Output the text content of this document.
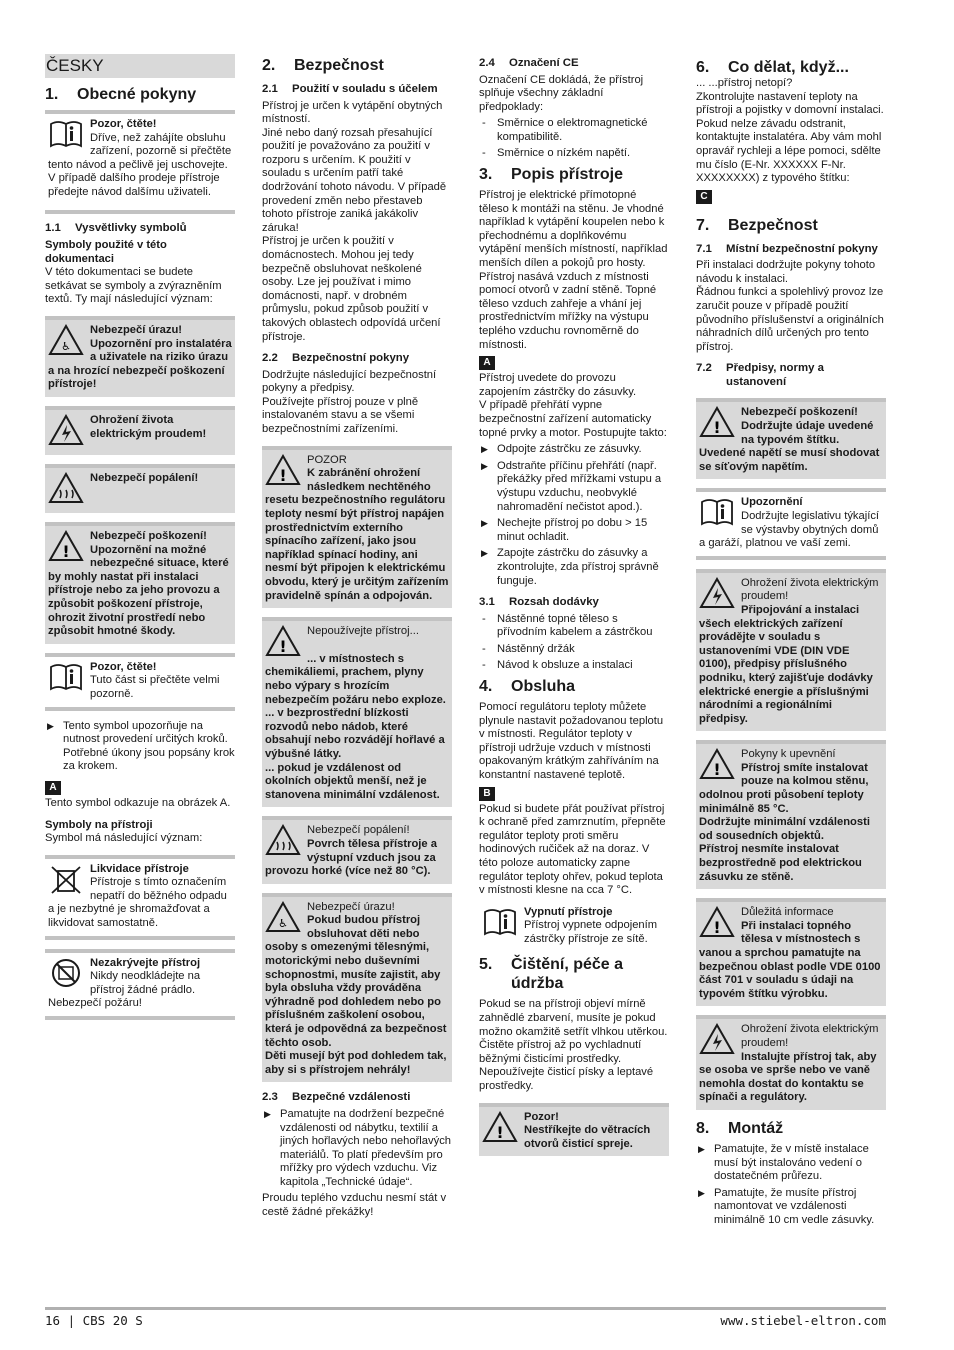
ČESKY
1.	Obecné pokyny
Pozor, čtěte!
Dříve, než zahájíte obsluhu zařízení, pozorně si přečtěte tento návod a pečlivě jej uschovejte. V případě dalšího prodeje přístroje předejte návod dalšímu uživateli.
1.1	Vysvětlivky symbolů
Symboly použité v této dokumentaci

V této dokumentaci se budete setkávat se symboly a zvýrazněním textů. Ty mají následující význam:

♿
Nebezpečí úrazu!
Upozornění pro instalatéra a uživatele na riziko úrazu a na hrozící nebezpečí poškození přístroje!
Ohrožení života elektrickým proudem!
Nebezpečí popálení!
!
Nebezpečí poškození!
Upozornění na možné nebezpečné situace, které by mohly nastat při instalaci přístroje nebo za jeho provozu a způsobit poškození přístroje, ohrozit životní prostředí nebo způsobit hmotné škody.
Pozor, čtěte!
Tuto část si přečtěte velmi pozorně.
▶ Tento symbol upozorňuje na nutnost provedení určitých kroků. Potřebné úkony jsou popsány krok za krokem.
A

Tento symbol odkazuje na obrázek A.

Symboly na přístroji

Symbol má následující význam:

Likvidace přístroje
Přístroje s tímto označením nepatří do běžného odpadu a je nezbytné je shromažďovat a likvidovat samostatně.
Nezakrývejte přístroj
Nikdy neodkládejte na přístroj žádné prádlo. Nebezpečí požáru!
2.	Bezpečnost
2.1	Použití v souladu s účelem

Přístroj je určen k vytápění obytných místností.

Jiné nebo daný rozsah přesahující použití je považováno za použití v rozporu s určením. K použití v souladu s určením patří také dodržování tohoto návodu. V případě provedení změn nebo přestaveb tohoto přístroje zaniká jakákoliv záruka!

Přístroj je určen k použití v domácnostech. Mohou jej tedy bezpečně obsluhovat neškolené osoby. Lze jej používat i mimo domácnosti, např. v drobném průmyslu, pokud způsob použití v takových oblastech odpovídá určení přístroje.

2.2	Bezpečnostní pokyny

Dodržujte následující bezpečnostní pokyny a předpisy.

Používejte přístroj pouze v plně instalovaném stavu a se všemi bezpečnostními zařízeními.

!
POZOR
K zabránění ohrožení následkem nechtěného resetu bezpečnostního regulátoru teploty nesmí být přístroj napájen prostřednictvím externího spínacího zařízení, jako jsou například spínací hodiny, ani nesmí být připojen k elektrickému obvodu, který je určitým zařízením pravidelně spínán a odpojován.
!
Nepoužívejte přístroj...
... v místnostech s chemikáliemi, prachem, plyny nebo výpary s hrozícím nebezpečím požáru nebo exploze.
... v bezprostřední blízkosti rozvodů nebo nádob, které obsahují nebo rozvádějí hořlavé a výbušné látky.
... pokud je vzdálenost od okolních objektů menší, než je stanovena minimální vzdálenost.
Nebezpečí popálení!
Povrch tělesa přístroje a výstupní vzduch jsou za provozu horké (více než 80 °C).
♿
Nebezpečí úrazu!
Pokud budou přístroj obsluhovat děti nebo osoby s omezenými tělesnými, motorickými nebo duševními schopnostmi, musíte zajistit, aby byla obsluha vždy prováděna výhradně pod dohledem nebo po příslušném zaškolení osobou, která je odpovědná za bezpečnost těchto osob.
Děti musejí být pod dohledem tak, aby si s přístrojem nehrály!
2.3	Bezpečné vzdálenosti
▶ Pamatujte na dodržení bezpečné vzdálenosti od nábytku, textilií a jiných hořlavých nebo nehořlavých materiálů. To platí především pro mřížky pro výdech vzduchu. Viz kapitola „Technické údaje“.

Proudu teplého vzduchu nesmí stát v cestě žádné překážky!

2.4	Označení CE

Označení CE dokládá, že přístroj splňuje všechny základní předpoklady:

- Směrnice o elektromagnetické kompatibilitě.
- Směrnice o nízkém napětí.
3.	Popis přístroje

Přístroj je elektrické přímotopné těleso k montáži na stěnu. Je vhodné například k vytápění koupelen nebo k přechodnému a doplňkovému vytápění menších místností, například menších dílen a pokojů pro hosty.

Přístroj nasává vzduch z místnosti pomocí otvorů v zadní stěně. Topné těleso vzduch zahřeje a vhání jej prostřednictvím mřížky na výstupu teplého vzduchu rovnoměrně do místnosti.

A

Přístroj uvedete do provozu zapojením zástrčky do zásuvky.

V případě přehřátí vypne bezpečnostní zařízení automaticky topné prvky a motor. Postupujte takto:

▶ Odpojte zástrčku ze zásuvky.
▶ Odstraňte příčinu přehřátí (např. překážky před mřížkami vstupu a výstupu vzduchu, neobvyklé nahromadění nečistot apod.).
▶ Nechejte přístroj po dobu > 15 minut ochladit.
▶ Zapojte zástrčku do zásuvky a zkontrolujte, zda přístroj správně funguje.
3.1	Rozsah dodávky
- Nástěnné topné těleso s přívodním kabelem a zástrčkou
- Nástěnný držák
- Návod k obsluze a instalaci
4.	Obsluha

Pomocí regulátoru teploty můžete plynule nastavit požadovanou teplotu v místnosti. Regulátor teploty v přístroji udržuje vzduch v místnosti opakovaným krátkým zahříváním na konstantní nastavené teplotě.

B

Pokud si budete přát používat přístroj k ochraně před zamrznutím, přepněte regulátor teploty proti směru hodinových ručiček až na doraz. V této poloze automaticky zapne regulátor teploty ohřev, pokud teplota v místnosti klesne na cca 7 °C.

Vypnutí přístroje
Přístroj vypnete odpojením zástrčky přístroje ze sítě.
5.	Čištění, péče a údržba

Pokud se na přístroji objeví mírně zahnědlé zbarvení, musíte je pokud možno okamžitě setřít vlhkou utěrkou. Čistěte přístroj až po vychladnutí běžnými čisticími prostředky. Nepoužívejte čisticí písky a leptavé prostředky.

!
Pozor!
Nestříkejte do větracích otvorů čisticí spreje.
6.	Co dělat, když...

... ...přístroj netopí?

Zkontrolujte nastavení teploty na přístroji a pojistky v domovní instalaci.

Pokud nelze závadu odstranit, kontaktujte instalatéra. Aby vám mohl opravář rychleji a lépe pomoci, sdělte mu číslo (E-Nr. XXXXXX F-Nr. XXXXXXXX) z typového štítku:

C
7.	Bezpečnost
7.1	Místní bezpečnostní pokyny

Při instalaci dodržujte pokyny tohoto návodu k instalaci.

Řádnou funkci a spolehlivý provoz lze zaručit pouze v případě použití původního příslušenství a originálních náhradních dílů určených pro tento přístroj.

7.2	Předpisy, normy a ustanovení
!
Nebezpečí poškození!
Dodržujte údaje uvedené na typovém štítku. Uvedené napětí se musí shodovat se síťovým napětím.
Upozornění
Dodržujte legislativu týkající se výstavby obytných domů a garáží, platnou ve vaší zemi.
Ohrožení života elektrickým proudem!
Připojování a instalaci všech elektrických zařízení provádějte v souladu s ustanoveními VDE (DIN VDE 0100), předpisy příslušného podniku, který zajišťuje dodávky elektrické energie a příslušnými národními a regionálními předpisy.
!
Pokyny k upevnění
Přístroj smíte instalovat pouze na kolmou stěnu, odolnou proti působení teploty minimálně 85 °C.
Dodržujte minimální vzdálenosti od sousedních objektů.
Přístroj nesmíte instalovat bezprostředně pod elektrickou zásuvku ze stěně.
!
Důležitá informace
Při instalaci topného tělesa v místnostech s vanou a sprchou pamatujte na bezpečnou oblast podle VDE 0100 část 701 v souladu s údaji na typovém štítku výrobku.
Ohrožení života elektrickým proudem!
Instalujte přístroj tak, aby se osoba ve sprše nebo ve vaně nemohla dostat do kontaktu se spínači a regulátory.
8.	Montáž
▶ Pamatujte, že v místě instalace musí být instalováno vedení o dostatečném průřezu.
▶ Pamatujte, že musíte přístroj namontovat ve vzdálenosti minimálně 10 cm vedle zásuvky.
16 | CBS 20 S	www.stiebel-eltron.com
